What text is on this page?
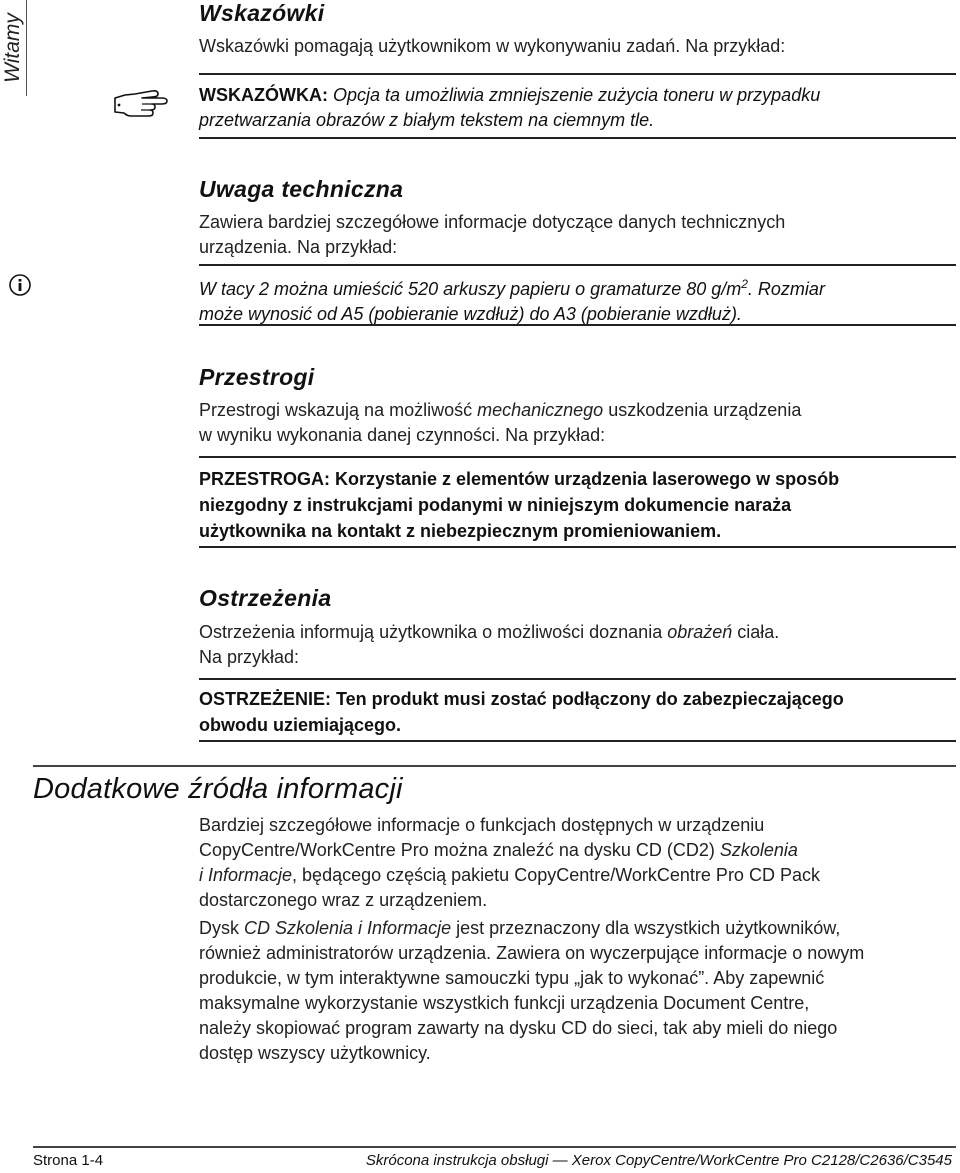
Witamy	Wskazówki
Wskazówki pomagają użytkownikom w wykonywaniu zadań. Na przykład:
WSKAZÓWKA: Opcja ta umożliwia zmniejszenie zużycia toneru w przypadku
przetwarzania obrazów z białym tekstem na ciemnym tle.
Uwaga techniczna
Zawiera bardziej szczegółowe informacje dotyczące danych technicznych
urządzenia. Na przykład:
W tacy 2 można umieścić 520 arkuszy papieru o gramaturze 80 $g/m^2$. Rozmiar
może wynosić od A5 (pobieranie wzdłuż) do A3 (pobieranie wzdłuż).
Przestrogi
Przestrogi wskazują na możliwość mechanicznego uszkodzenia urządzenia
w wyniku wykonania danej czynności. Na przykład:
PRZESTROGA: Korzystanie z elementów urządzenia laserowego w sposób
niezgodny z instrukcjami podanymi w niniejszym dokumencie naraża
użytkownika na kontakt z niebezpiecznym promieniowaniem.
Ostrzeżenia
Ostrzeżenia informują użytkownika o możliwości doznania obrażeń ciała.
Na przykład:
OSTRZEŻENIE: Ten produkt musi zostać podłączony do zabezpieczającego
obwodu uziemiającego.
Dodatkowe źródła informacji
Bardziej szczegółowe informacje o funkcjach dostępnych w urządzeniu
CopyCentre/WorkCentre Pro można znaleźć na dysku CD (CD2) Szkolenia
i Informacje, będącego częścią pakietu CopyCentre/WorkCentre Pro CD Pack
dostarczonego wraz z urządzeniem.
Dysk CD Szkolenia i Informacje jest przeznaczony dla wszystkich użytkowników,
również administratorów urządzenia. Zawiera on wyczerpujące informacje o nowym
produkcie, w tym interaktywne samouczki typu „jak to wykonać”. Aby zapewnić
maksymalne wykorzystanie wszystkich funkcji urządzenia Document Centre,
należy skopiować program zawarty na dysku CD do sieci, tak aby mieli do niego
dostęp wszyscy użytkownicy.
Strona 1-4	Skrócona instrukcja obsługi — Xerox CopyCentre/WorkCentre Pro C2128/C2636/C3545
